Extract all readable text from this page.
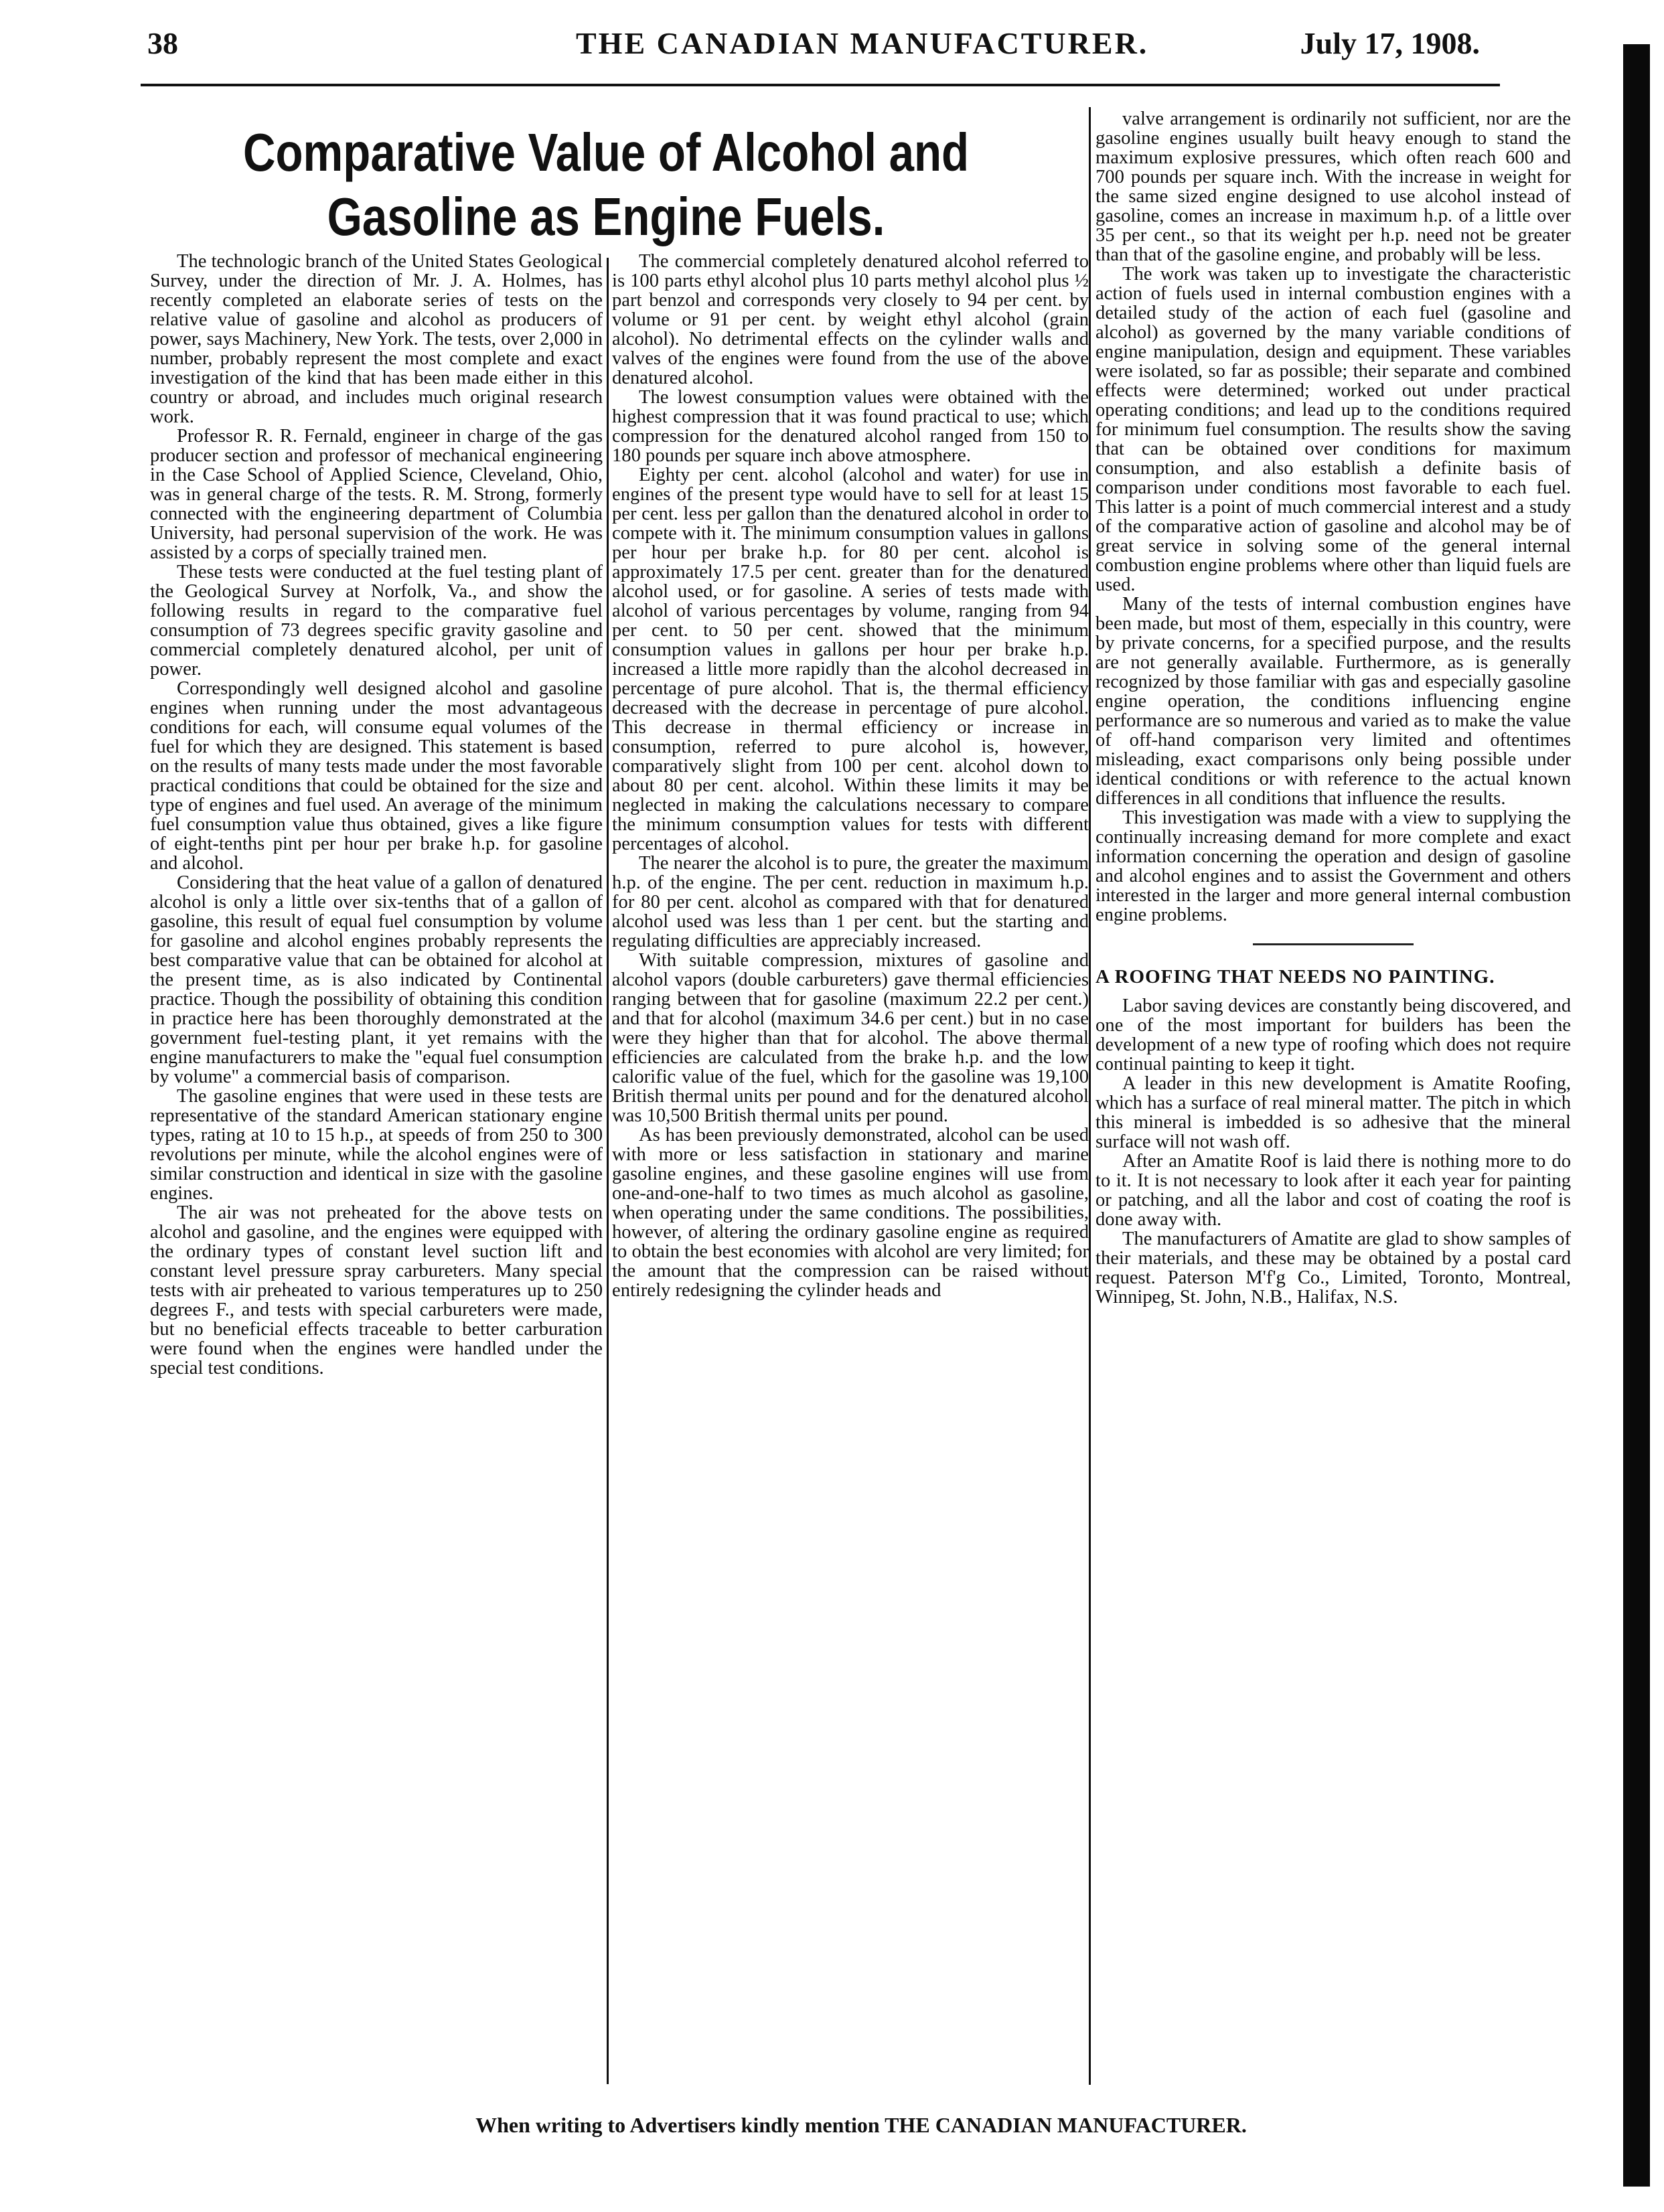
38	THE CANADIAN MANUFACTURER.	July 17, 1908.
Comparative Value of Alcohol and Gasoline as Engine Fuels.

The technologic branch of the United States Geological Survey, under the direction of Mr. J. A. Holmes, has recently completed an elaborate series of tests on the relative value of gasoline and alcohol as producers of power, says Machinery, New York. The tests, over 2,000 in number, probably represent the most complete and exact investigation of the kind that has been made either in this country or abroad, and includes much original research work.

Professor R. R. Fernald, engineer in charge of the gas producer section and professor of mechanical engineering in the Case School of Applied Science, Cleveland, Ohio, was in general charge of the tests. R. M. Strong, formerly connected with the engineering department of Columbia University, had personal supervision of the work. He was assisted by a corps of specially trained men.

These tests were conducted at the fuel testing plant of the Geological Survey at Norfolk, Va., and show the following results in regard to the comparative fuel consumption of 73 degrees specific gravity gasoline and commercial completely denatured alcohol, per unit of power.

Correspondingly well designed alcohol and gasoline engines when running under the most advantageous conditions for each, will consume equal volumes of the fuel for which they are designed. This statement is based on the results of many tests made under the most favorable practical conditions that could be obtained for the size and type of engines and fuel used. An average of the minimum fuel consumption value thus obtained, gives a like figure of eight-tenths pint per hour per brake h.p. for gasoline and alcohol.

Considering that the heat value of a gallon of denatured alcohol is only a little over six-tenths that of a gallon of gasoline, this result of equal fuel consumption by volume for gasoline and alcohol engines probably represents the best comparative value that can be obtained for alcohol at the present time, as is also indicated by Continental practice. Though the possibility of obtaining this condition in practice here has been thoroughly demonstrated at the government fuel-testing plant, it yet remains with the engine manufacturers to make the "equal fuel consumption by volume" a commercial basis of comparison.

The gasoline engines that were used in these tests are representative of the standard American stationary engine types, rating at 10 to 15 h.p., at speeds of from 250 to 300 revolutions per minute, while the alcohol engines were of similar construction and identical in size with the gasoline engines.

The air was not preheated for the above tests on alcohol and gasoline, and the engines were equipped with the ordinary types of constant level suction lift and constant level pressure spray carbureters. Many special tests with air preheated to various temperatures up to 250 degrees F., and tests with special carbureters were made, but no beneficial effects traceable to better carburation were found when the engines were handled under the special test conditions.

The commercial completely denatured alcohol referred to is 100 parts ethyl alcohol plus 10 parts methyl alcohol plus ½ part benzol and corresponds very closely to 94 per cent. by volume or 91 per cent. by weight ethyl alcohol (grain alcohol). No detrimental effects on the cylinder walls and valves of the engines were found from the use of the above denatured alcohol.

The lowest consumption values were obtained with the highest compression that it was found practical to use; which compression for the denatured alcohol ranged from 150 to 180 pounds per square inch above atmosphere.

Eighty per cent. alcohol (alcohol and water) for use in engines of the present type would have to sell for at least 15 per cent. less per gallon than the denatured alcohol in order to compete with it. The minimum consumption values in gallons per hour per brake h.p. for 80 per cent. alcohol is approximately 17.5 per cent. greater than for the denatured alcohol used, or for gasoline. A series of tests made with alcohol of various percentages by volume, ranging from 94 per cent. to 50 per cent. showed that the minimum consumption values in gallons per hour per brake h.p. increased a little more rapidly than the alcohol decreased in percentage of pure alcohol. That is, the thermal efficiency decreased with the decrease in percentage of pure alcohol. This decrease in thermal efficiency or increase in consumption, referred to pure alcohol is, however, comparatively slight from 100 per cent. alcohol down to about 80 per cent. alcohol. Within these limits it may be neglected in making the calculations necessary to compare the minimum consumption values for tests with different percentages of alcohol.

The nearer the alcohol is to pure, the greater the maximum h.p. of the engine. The per cent. reduction in maximum h.p. for 80 per cent. alcohol as compared with that for denatured alcohol used was less than 1 per cent. but the starting and regulating difficulties are appreciably increased.

With suitable compression, mixtures of gasoline and alcohol vapors (double carbureters) gave thermal efficiencies ranging between that for gasoline (maximum 22.2 per cent.) and that for alcohol (maximum 34.6 per cent.) but in no case were they higher than that for alcohol. The above thermal efficiencies are calculated from the brake h.p. and the low calorific value of the fuel, which for the gasoline was 19,100 British thermal units per pound and for the denatured alcohol was 10,500 British thermal units per pound.

As has been previously demonstrated, alcohol can be used with more or less satisfaction in stationary and marine gasoline engines, and these gasoline engines will use from one-and-one-half to two times as much alcohol as gasoline, when operating under the same conditions. The possibilities, however, of altering the ordinary gasoline engine as required to obtain the best economies with alcohol are very limited; for the amount that the compression can be raised without entirely redesigning the cylinder heads and

valve arrangement is ordinarily not sufficient, nor are the gasoline engines usually built heavy enough to stand the maximum explosive pressures, which often reach 600 and 700 pounds per square inch. With the increase in weight for the same sized engine designed to use alcohol instead of gasoline, comes an increase in maximum h.p. of a little over 35 per cent., so that its weight per h.p. need not be greater than that of the gasoline engine, and probably will be less.

The work was taken up to investigate the characteristic action of fuels used in internal combustion engines with a detailed study of the action of each fuel (gasoline and alcohol) as governed by the many variable conditions of engine manipulation, design and equipment. These variables were isolated, so far as possible; their separate and combined effects were determined; worked out under practical operating conditions; and lead up to the conditions required for minimum fuel consumption. The results show the saving that can be obtained over conditions for maximum consumption, and also establish a definite basis of comparison under conditions most favorable to each fuel. This latter is a point of much commercial interest and a study of the comparative action of gasoline and alcohol may be of great service in solving some of the general internal combustion engine problems where other than liquid fuels are used.

Many of the tests of internal combustion engines have been made, but most of them, especially in this country, were by private concerns, for a specified purpose, and the results are not generally available. Furthermore, as is generally recognized by those familiar with gas and especially gasoline engine operation, the conditions influencing engine performance are so numerous and varied as to make the value of off-hand comparison very limited and oftentimes misleading, exact comparisons only being possible under identical conditions or with reference to the actual known differences in all conditions that influence the results.

This investigation was made with a view to supplying the continually increasing demand for more complete and exact information concerning the operation and design of gasoline and alcohol engines and to assist the Government and others interested in the larger and more general internal combustion engine problems.

A ROOFING THAT NEEDS NO PAINTING.

Labor saving devices are constantly being discovered, and one of the most important for builders has been the development of a new type of roofing which does not require continual painting to keep it tight.

A leader in this new development is Amatite Roofing, which has a surface of real mineral matter. The pitch in which this mineral is imbedded is so adhesive that the mineral surface will not wash off.

After an Amatite Roof is laid there is nothing more to do to it. It is not necessary to look after it each year for painting or patching, and all the labor and cost of coating the roof is done away with.

The manufacturers of Amatite are glad to show samples of their materials, and these may be obtained by a postal card request. Paterson M'f'g Co., Limited, Toronto, Montreal, Winnipeg, St. John, N.B., Halifax, N.S.

When writing to Advertisers kindly mention THE CANADIAN MANUFACTURER.
